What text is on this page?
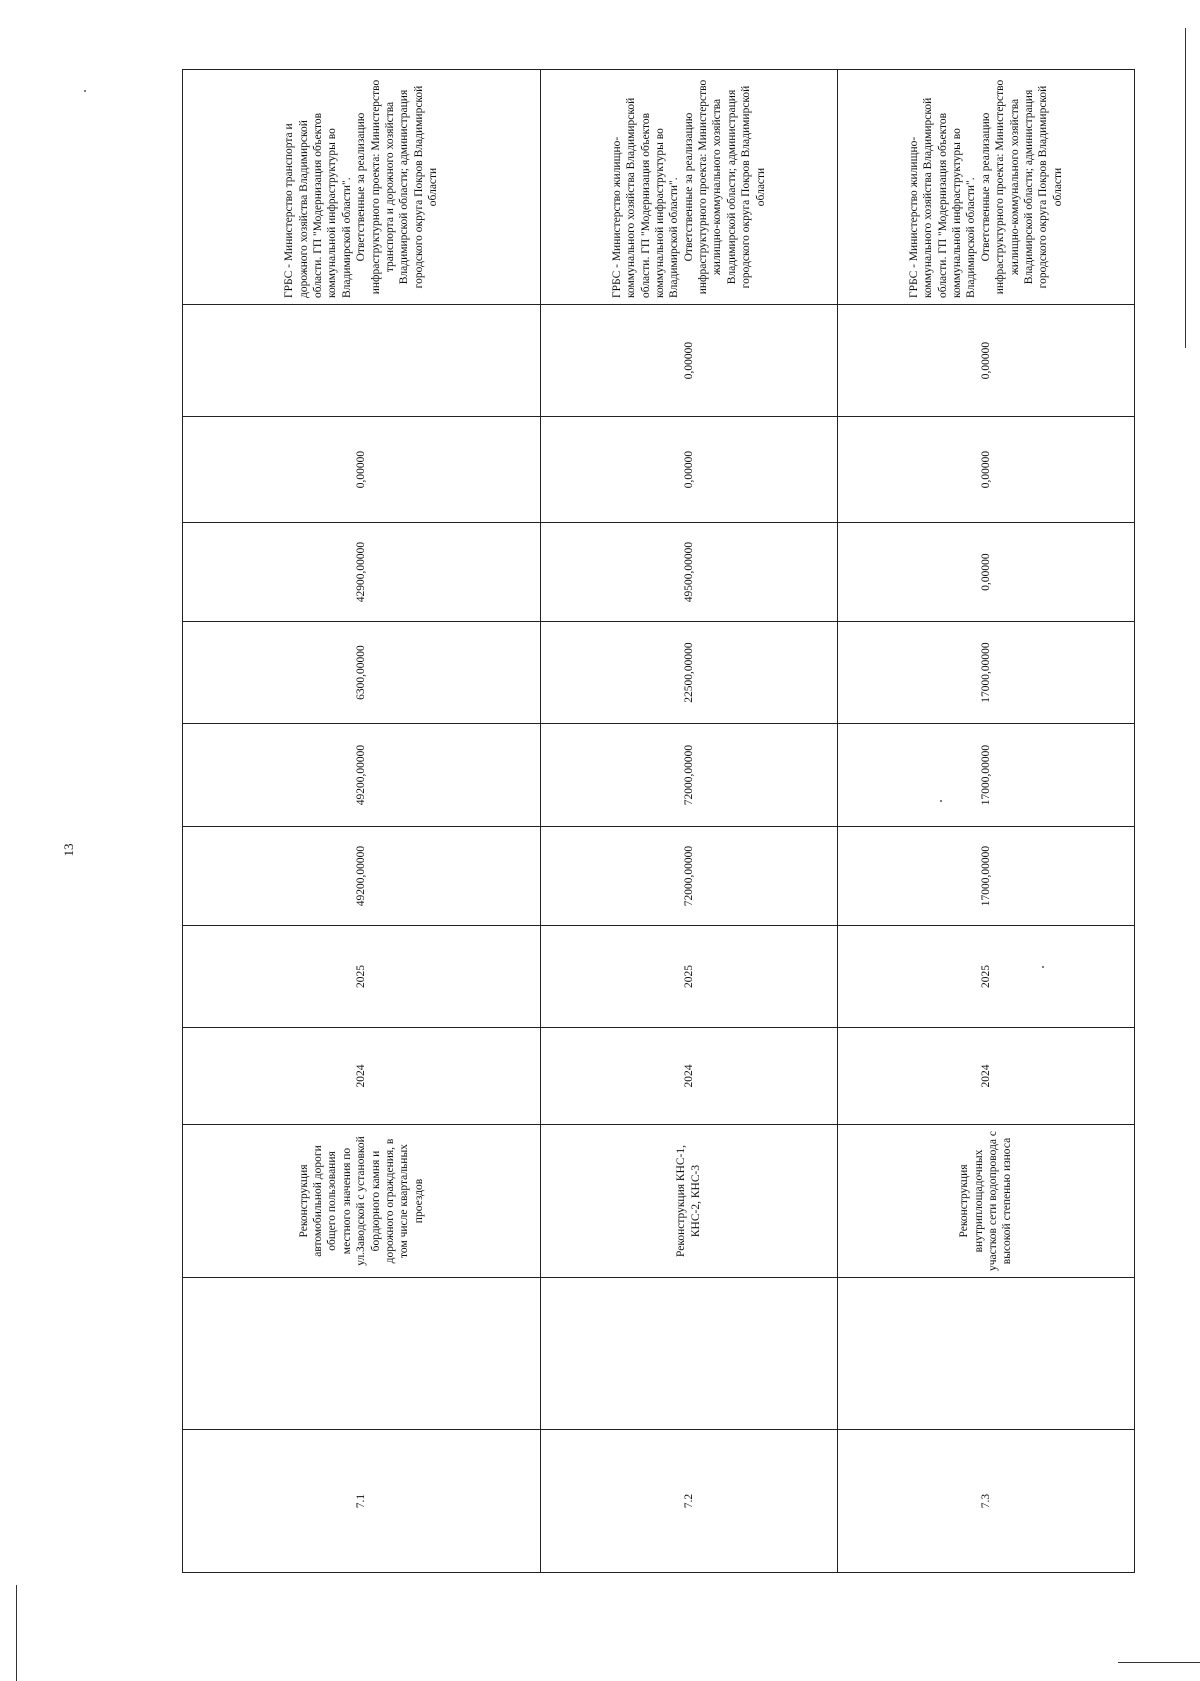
13
7.1		Реконструкция автомобильной дороги общего пользования местного значения по ул.Заводской с установкой бордюрного камня и дорожного ограждения, в том числе квартальных проездов	2024	2025	49200,00000	49200,00000	6300,00000	42900,00000	0,00000		ГРБС - Министерство транспорта и дорожного хозяйства Владимирской области. ГП "Модернизация объектов коммунальной инфраструктуры во Владимирской области". Ответственные за реализацию инфраструктурного проекта: Министерство транспорта и дорожного хозяйства Владимирской области; администрация городского округа Покров Владимирской области
7.2		Реконструкция КНС-1, КНС-2, КНС-3	2024	2025	72000,00000	72000,00000	22500,00000	49500,00000	0,00000	0,00000	ГРБС - Министерство жилищно-коммунального хозяйства Владимирской области. ГП "Модернизация объектов коммунальной инфраструктуры во Владимирской области". Ответственные за реализацию инфраструктурного проекта: Министерство жилищно-коммунального хозяйства Владимирской области; администрация городского округа Покров Владимирской области
7.3		Реконструкция внутриплощадочных участков сети водопровода с высокой степенью износа	2024	2025	17000,00000	17000,00000	17000,00000	0,00000	0,00000	0,00000	ГРБС - Министерство жилищно-коммунального хозяйства Владимирской области. ГП "Модернизация объектов коммунальной инфраструктуры во Владимирской области". Ответственные за реализацию инфраструктурного проекта: Министерство жилищно-коммунального хозяйства Владимирской области; администрация городского округа Покров Владимирской области
